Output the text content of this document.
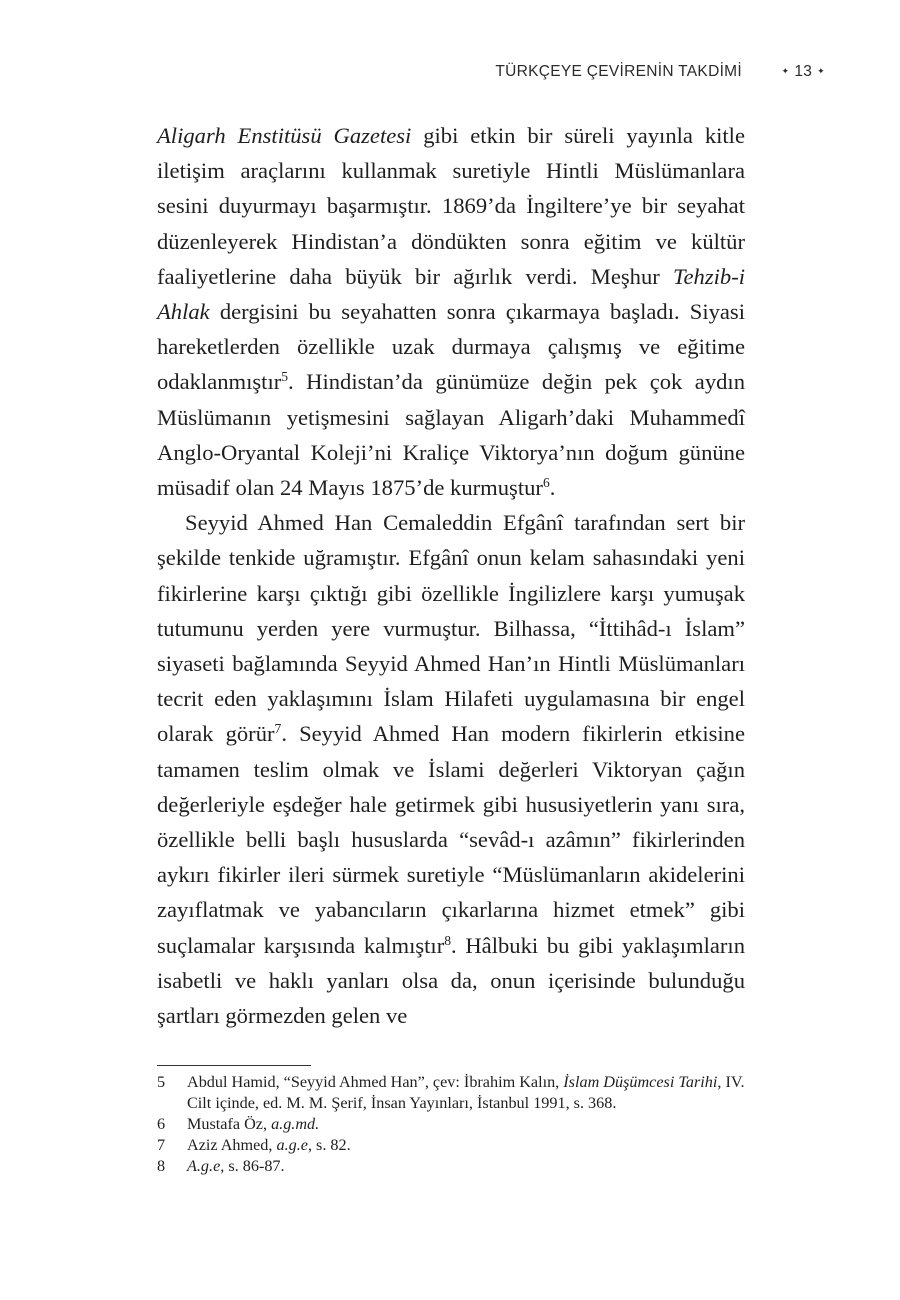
TÜRKÇEYE ÇEVİRENİN TAKDİMİ	✦ 13 ✦

Aligarh Enstitüsü Gazetesi gibi etkin bir süreli yayınla kitle iletişim araçlarını kullanmak suretiyle Hintli Müslümanlara sesini duyurmayı başarmıştır. 1869’da İngiltere’ye bir seyahat düzenleyerek Hindistan’a döndükten sonra eğitim ve kültür faaliyetlerine daha büyük bir ağırlık verdi. Meşhur Tehzib-i Ahlak dergisini bu seyahatten sonra çıkarmaya başladı. Siyasi hareketlerden özellikle uzak durmaya çalışmış ve eğitime odaklanmıştır$^5$. Hindistan’da günümüze değin pek çok aydın Müslümanın yetişmesini sağlayan Aligarh’daki Muhammedî Anglo-Oryantal Koleji’ni Kraliçe Viktorya’nın doğum gününe müsadif olan 24 Mayıs 1875’de kurmuştur$^6$.

Seyyid Ahmed Han Cemaleddin Efgânî tarafından sert bir şekilde tenkide uğramıştır. Efgânî onun kelam sahasındaki yeni fikirlerine karşı çıktığı gibi özellikle İngilizlere karşı yumuşak tutumunu yerden yere vurmuştur. Bilhassa, “İttihâd-ı İslam” siyaseti bağlamında Seyyid Ahmed Han’ın Hintli Müslümanları tecrit eden yaklaşımını İslam Hilafeti uygulamasına bir engel olarak görür$^7$. Seyyid Ahmed Han modern fikirlerin etkisine tamamen teslim olmak ve İslami değerleri Viktoryan çağın değerleriyle eşdeğer hale getirmek gibi hususiyetlerin yanı sıra, özellikle belli başlı hususlarda “sevâd-ı azâmın” fikirlerinden aykırı fikirler ileri sürmek suretiyle “Müslümanların akidelerini zayıflatmak ve yabancıların çıkarlarına hizmet etmek” gibi suçlamalar karşısında kalmıştır$^8$. Hâlbuki bu gibi yaklaşımların isabetli ve haklı yanları olsa da, onun içerisinde bulunduğu şartları görmezden gelen ve

5	Abdul Hamid, “Seyyid Ahmed Han”, çev: İbrahim Kalın, İslam Düşümcesi Tarihi, IV. Cilt içinde, ed. M. M. Şerif, İnsan Yayınları, İstanbul 1991, s. 368.
6	Mustafa Öz, a.g.md.
7	Aziz Ahmed, a.g.e, s. 82.
8	A.g.e, s. 86-87.
